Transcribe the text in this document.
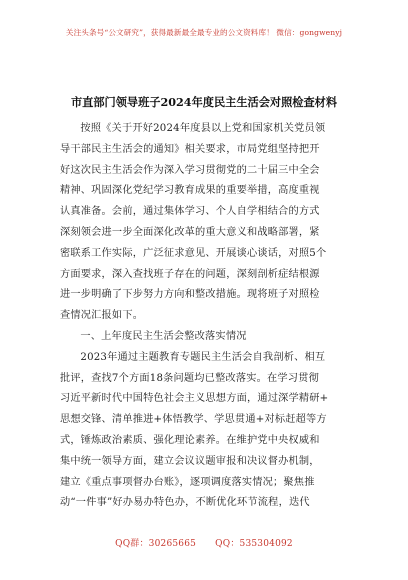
关注头条号“公文研究”，获得最新最全最专业的公文资料库！ 微信：gongwenyj
市直部门领导班子2024年度民主生活会对照检查材料
按照《关于开好2024年度县以上党和国家机关党员领
导干部民主生活会的通知》相关要求，市局党组坚持把开
好这次民主生活会作为深入学习贯彻党的二十届三中全会
精神、巩固深化党纪学习教育成果的重要举措，高度重视
认真准备。会前，通过集体学习、个人自学相结合的方式
深刻领会进一步全面深化改革的重大意义和战略部署，紧
密联系工作实际，广泛征求意见、开展谈心谈话，对照5个
方面要求，深入查找班子存在的问题，深刻剖析症结根源
进一步明确了下步努力方向和整改措施。现将班子对照检
查情况汇报如下。
一、上年度民主生活会整改落实情况
2023年通过主题教育专题民主生活会自我剖析、相互
批评，查找7个方面18条问题均已整改落实。在学习贯彻
习近平新时代中国特色社会主义思想方面，通过深学精研+
思想交锋、清单推进+体悟教学、学思贯通+对标赶超等方
式，锤炼政治素质、强化理论素养。在维护党中央权威和
集中统一领导方面，建立会议议题审报和决议督办机制，
建立《重点事项督办台账》，逐项调度落实情况；聚焦推
动“一件事”好办易办特色办，不断优化环节流程，迭代
QQ群：30265665 QQ：535304092
